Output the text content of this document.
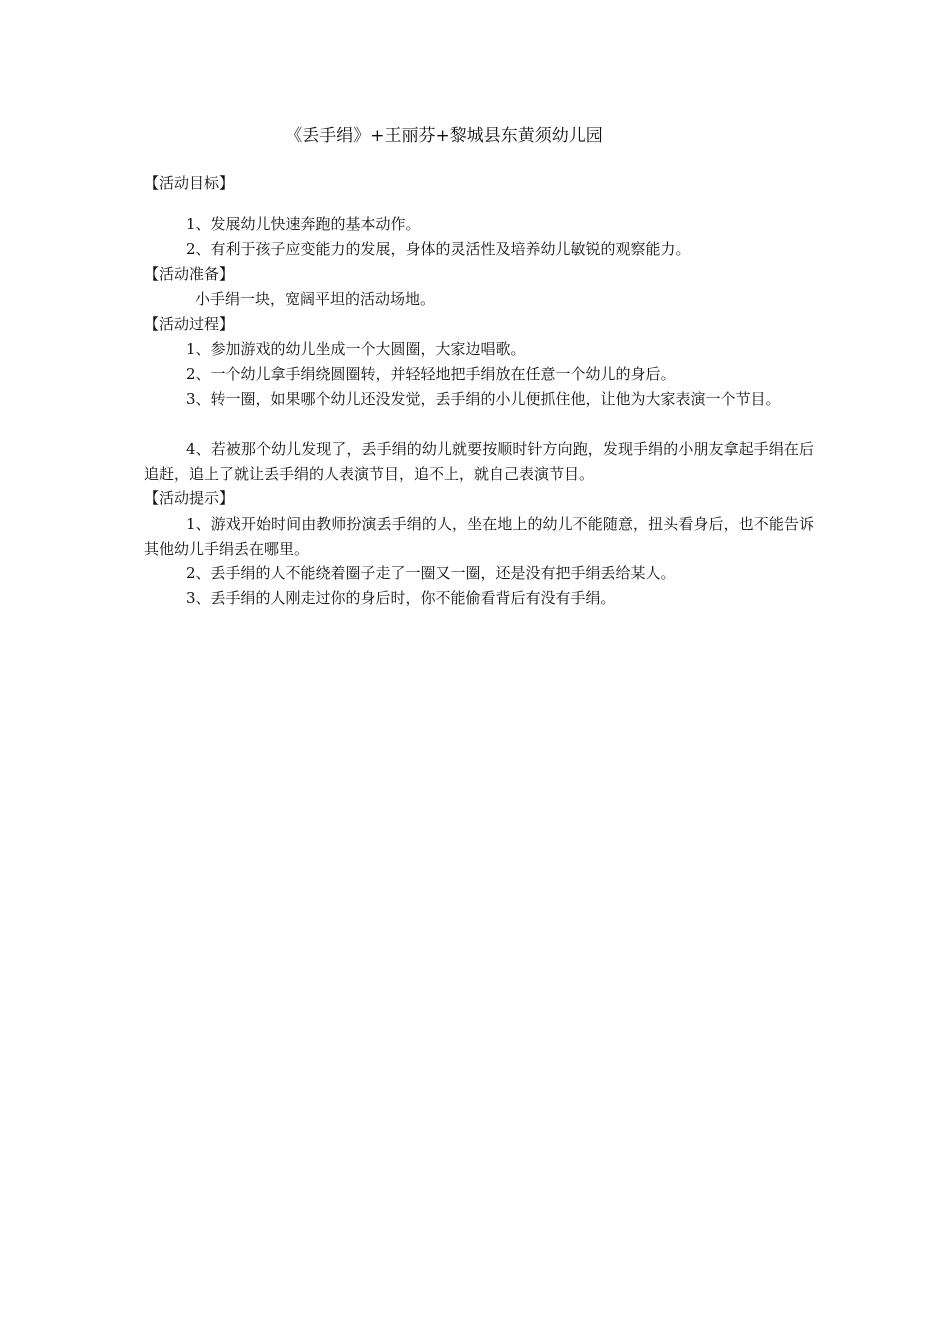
《丢手绢》+王丽芬+黎城县东黄须幼儿园
【活动目标】
1、发展幼儿快速奔跑的基本动作。
2、有利于孩子应变能力的发展，身体的灵活性及培养幼儿敏锐的观察能力。
【活动准备】
小手绢一块，宽阔平坦的活动场地。
【活动过程】
1、参加游戏的幼儿坐成一个大圆圈，大家边唱歌。
2、一个幼儿拿手绢绕圆圈转，并轻轻地把手绢放在任意一个幼儿的身后。
3、转一圈，如果哪个幼儿还没发觉，丢手绢的小儿便抓住他，让他为大家表演一个节目。
4、若被那个幼儿发现了，丢手绢的幼儿就要按顺时针方向跑，发现手绢的小朋友拿起手绢在后追赶，追上了就让丢手绢的人表演节目，追不上，就自己表演节目。
【活动提示】
1、游戏开始时间由教师扮演丢手绢的人，坐在地上的幼儿不能随意，扭头看身后，也不能告诉其他幼儿手绢丢在哪里。
2、丢手绢的人不能绕着圈子走了一圈又一圈，还是没有把手绢丢给某人。
3、丢手绢的人刚走过你的身后时，你不能偷看背后有没有手绢。
